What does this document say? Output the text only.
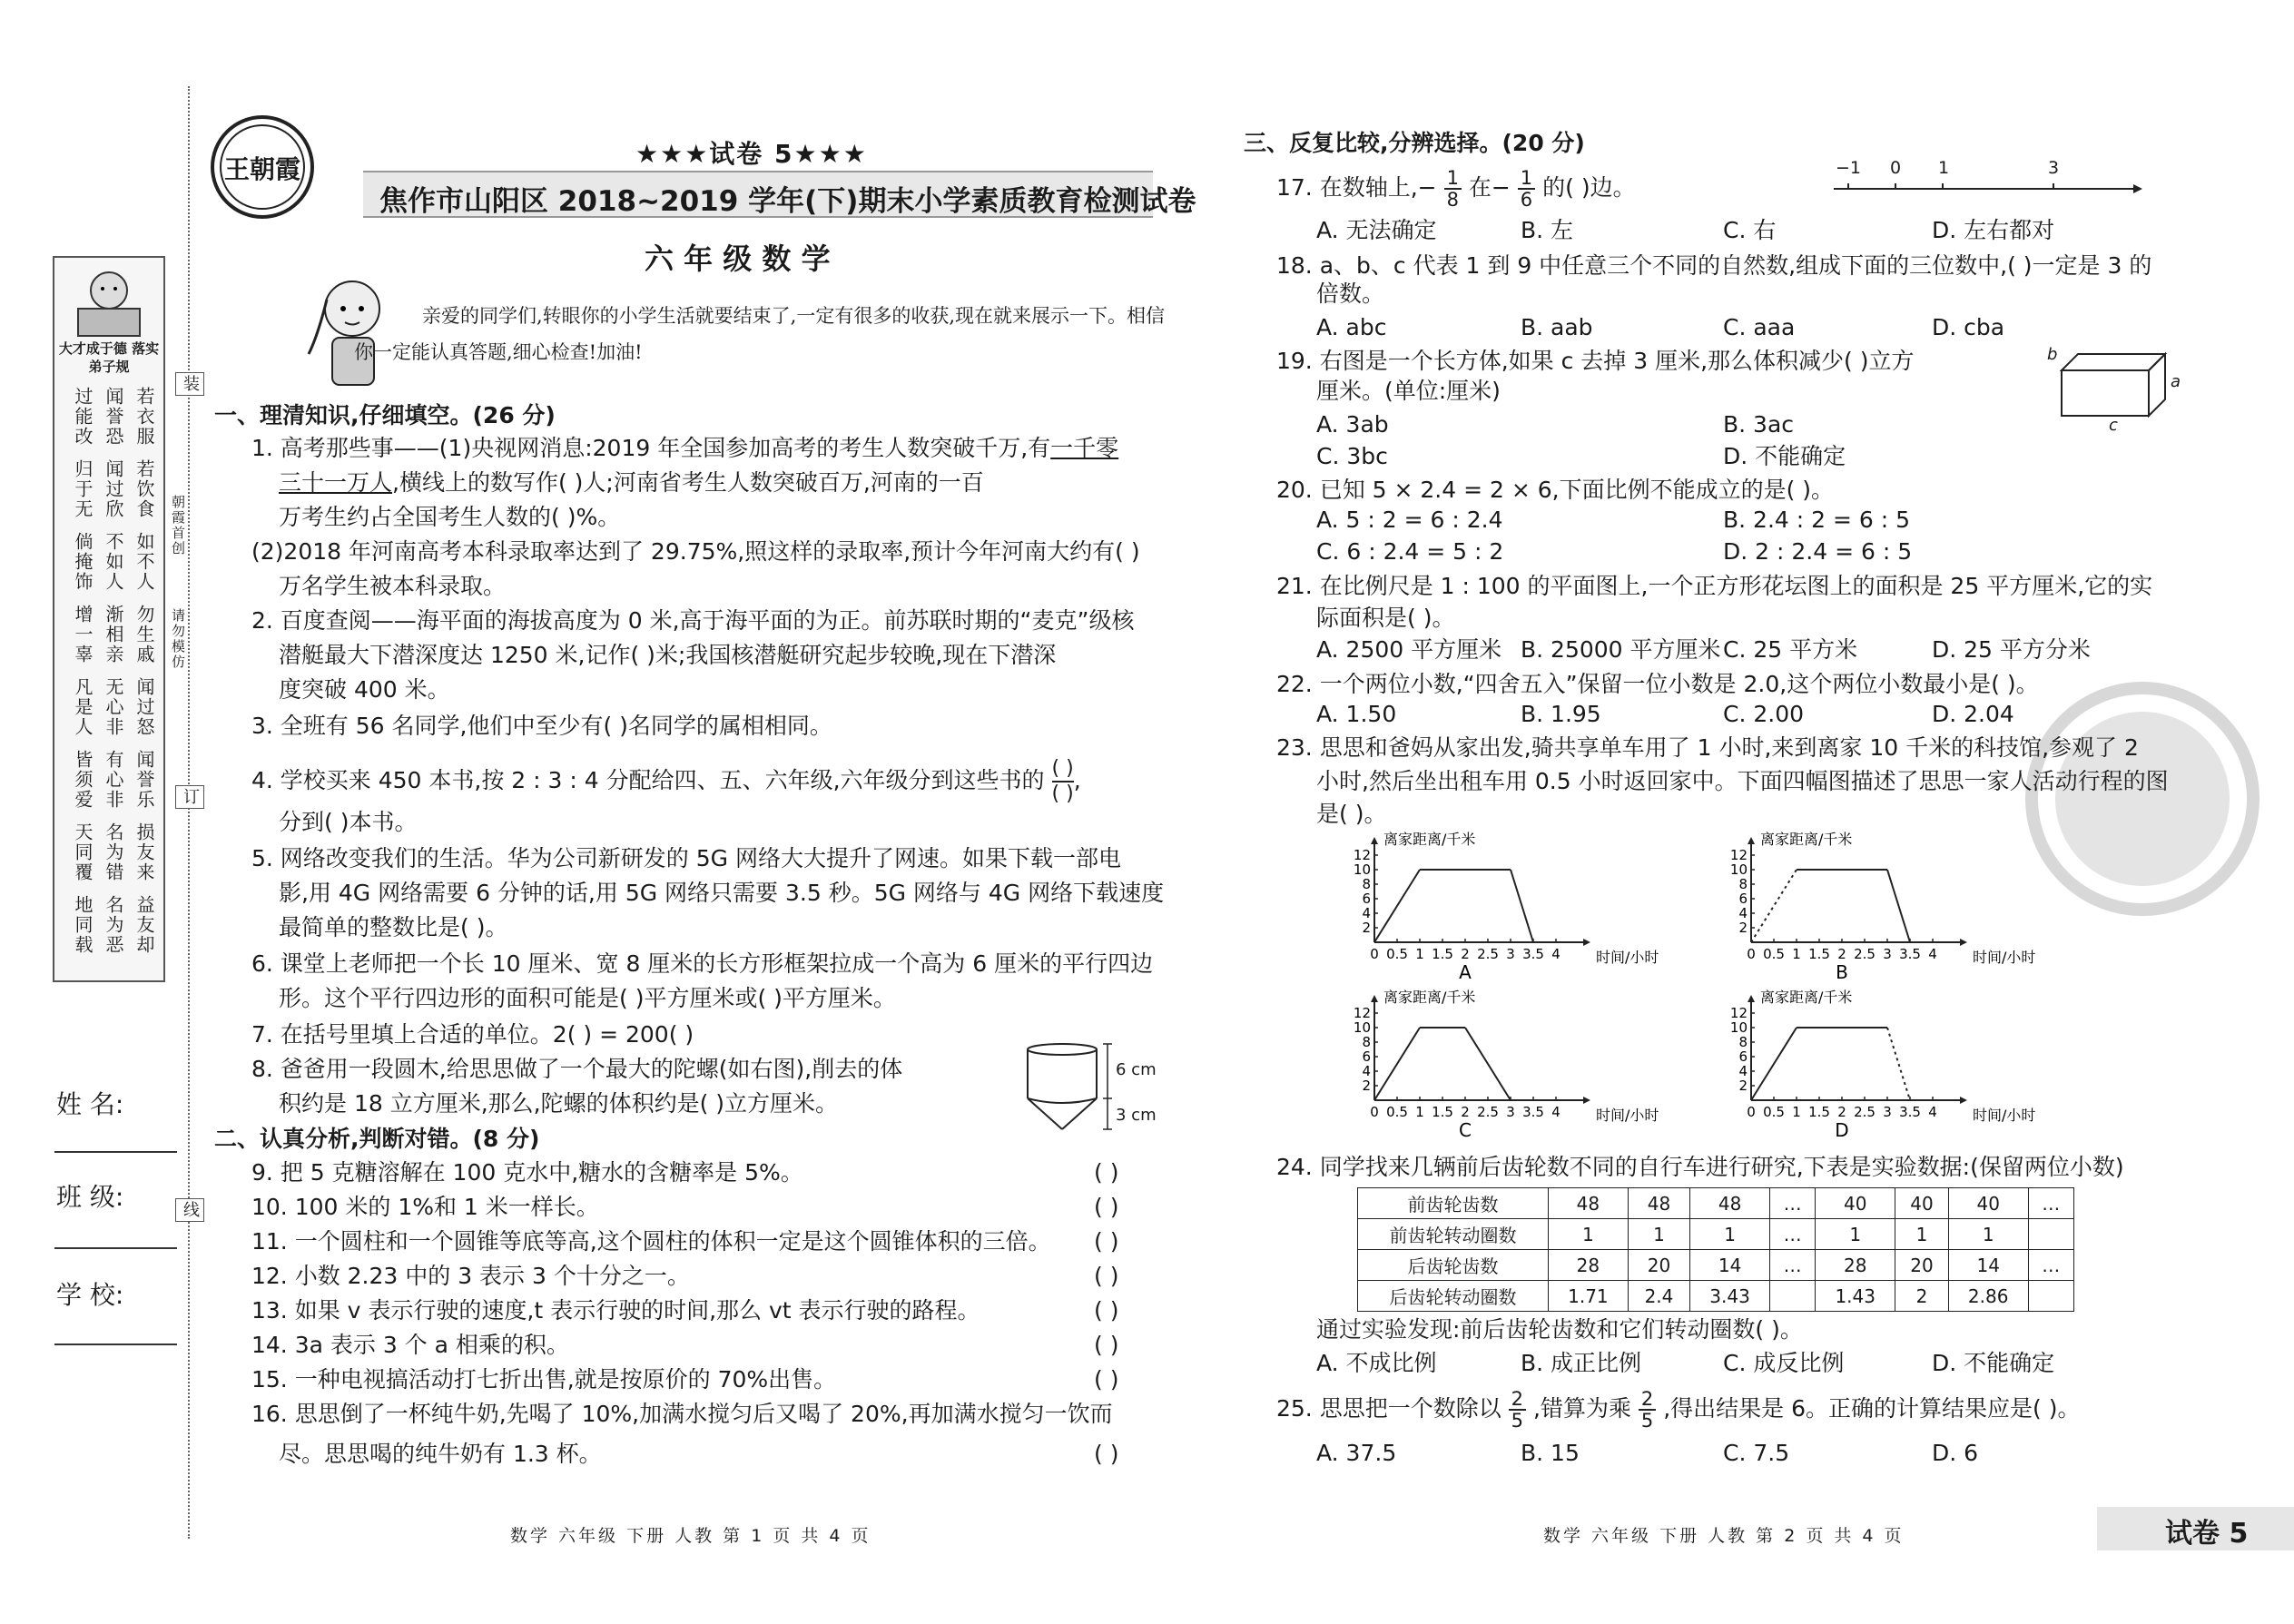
大才成于德 落实弟子规
过能改 闻誉恐 若衣服
归于无 闻过欣 若饮食
倘掩饰 不如人 如不人
增一辜 渐相亲 勿生戚
凡是人 无心非 闻过怒
皆须爱 有心非 闻誉乐
天同覆 名为错 损友来
地同载 名为恶 益友却
装
订
线
朝霞首创
请勿模仿
姓 名:
班 级:
学 校:
王朝霞
★★★试卷 5★★★
焦作市山阳区 2018~2019 学年(下)期末小学素质教育检测试卷
六 年 级 数 学
亲爱的同学们,转眼你的小学生活就要结束了,一定有很多的收获,现在就来展示一下。相信你一定能认真答题,细心检查!加油!
一、理清知识,仔细填空。(26 分)
1. 高考那些事——(1)央视网消息:2019 年全国参加高考的考生人数突破千万,有一千零
三十一万人,横线上的数写作( )人;河南省考生人数突破百万,河南的一百
万考生约占全国考生人数的( )%。
(2)2018 年河南高考本科录取率达到了 29.75%,照这样的录取率,预计今年河南大约有( )
万名学生被本科录取。
2. 百度查阅——海平面的海拔高度为 0 米,高于海平面的为正。前苏联时期的“麦克”级核
潜艇最大下潜深度达 1250 米,记作( )米;我国核潜艇研究起步较晚,现在下潜深
度突破 400 米。
3. 全班有 56 名同学,他们中至少有( )名同学的属相相同。
4. 学校买来 450 本书,按 2 : 3 : 4 分配给四、五、六年级,六年级分到这些书的 ( )
( )
,
分到( )本书。
5. 网络改变我们的生活。华为公司新研发的 5G 网络大大提升了网速。如果下载一部电
影,用 4G 网络需要 6 分钟的话,用 5G 网络只需要 3.5 秒。5G 网络与 4G 网络下载速度
最简单的整数比是( )。
6. 课堂上老师把一个长 10 厘米、宽 8 厘米的长方形框架拉成一个高为 6 厘米的平行四边
形。这个平行四边形的面积可能是( )平方厘米或( )平方厘米。
7. 在括号里填上合适的单位。2( ) = 200( )
8. 爸爸用一段圆木,给思思做了一个最大的陀螺(如右图),削去的体
积约是 18 立方厘米,那么,陀螺的体积约是( )立方厘米。
6 cm
3 cm
二、认真分析,判断对错。(8 分)
9. 把 5 克糖溶解在 100 克水中,糖水的含糖率是 5%。	( )
10. 100 米的 1%和 1 米一样长。	( )
11. 一个圆柱和一个圆锥等底等高,这个圆柱的体积一定是这个圆锥体积的三倍。 ( )
12. 小数 2.23 中的 3 表示 3 个十分之一。	( )
13. 如果 v 表示行驶的速度,t 表示行驶的时间,那么 vt 表示行驶的路程。	( )
14. 3a 表示 3 个 a 相乘的积。	( )
15. 一种电视搞活动打七折出售,就是按原价的 70%出售。	( )
16. 思思倒了一杯纯牛奶,先喝了 10%,加满水搅匀后又喝了 20%,再加满水搅匀一饮而
尽。思思喝的纯牛奶有 1.3 杯。	( )
数学 六年级 下册 人教 第 1 页 共 4 页
三、反复比较,分辨选择。(20 分)
17. 在数轴上,− $\frac{1}{8}$ 在− $\frac{1}{6}$ 的( )边。
−1 0 1	3
A. 无法确定	B. 左	C. 右	D. 左右都对
18. a、b、c 代表 1 到 9 中任意三个不同的自然数,组成下面的三位数中,( )一定是 3 的
倍数。
A. abc	B. aab	C. aaa	D. cba
19. 右图是一个长方体,如果 c 去掉 3 厘米,那么体积减少( )立方
厘米。(单位:厘米)
A. 3ab	B. 3ac
C. 3bc	D. 不能确定
b
a
c
20. 已知 5 × 2.4 = 2 × 6,下面比例不能成立的是( )。
A. 5 : 2 = 6 : 2.4	B. 2.4 : 2 = 6 : 5
C. 6 : 2.4 = 5 : 2	D. 2 : 2.4 = 6 : 5
21. 在比例尺是 1 : 100 的平面图上,一个正方形花坛图上的面积是 25 平方厘米,它的实
际面积是( )。
A. 2500 平方厘米 B. 25000 平方厘米 C. 25 平方米	D. 25 平方分米
22. 一个两位小数,“四舍五入”保留一位小数是 2.0,这个两位小数最小是( )。
A. 1.50	B. 1.95	C. 2.00	D. 2.04
23. 思思和爸妈从家出发,骑共享单车用了 1 小时,来到离家 10 千米的科技馆,参观了 2
小时,然后坐出租车用 0.5 小时返回家中。下面四幅图描述了思思一家人活动行程的图
是( )。
2
4
6
8
10
12
0 0.5 1 1.5 2 2.5 3 3.5 4
离家距离/千米
时间/小时
A
2
4
6
8
10
12
0 0.5 1 1.5 2 2.5 3 3.5 4
离家距离/千米
时间/小时
B
2
4
6
8
10
12
0 0.5 1 1.5 2 2.5 3 3.5 4
离家距离/千米
时间/小时
C
2
4
6
8
10
12
0 0.5 1 1.5 2 2.5 3 3.5 4
离家距离/千米
时间/小时
D
24. 同学找来几辆前后齿轮数不同的自行车进行研究,下表是实验数据:(保留两位小数)
前齿轮齿数	48	48	48	…	40	40	40	…
前齿轮转动圈数	1	1	1	…	1	1	1	
后齿轮齿数	28	20	14	…	28	20	14	…
后齿轮转动圈数	1.71	2.4	3.43		1.43	2	2.86	
通过实验发现:前后齿轮齿数和它们转动圈数( )。
A. 不成比例	B. 成正比例	C. 成反比例	D. 不能确定
25. 思思把一个数除以 $\frac{2}{5}$ ,错算为乘 $\frac{2}{5}$ ,得出结果是 6。正确的计算结果应是( )。
A. 37.5	B. 15	C. 7.5	D. 6
数学 六年级 下册 人教 第 2 页 共 4 页	试卷 5
